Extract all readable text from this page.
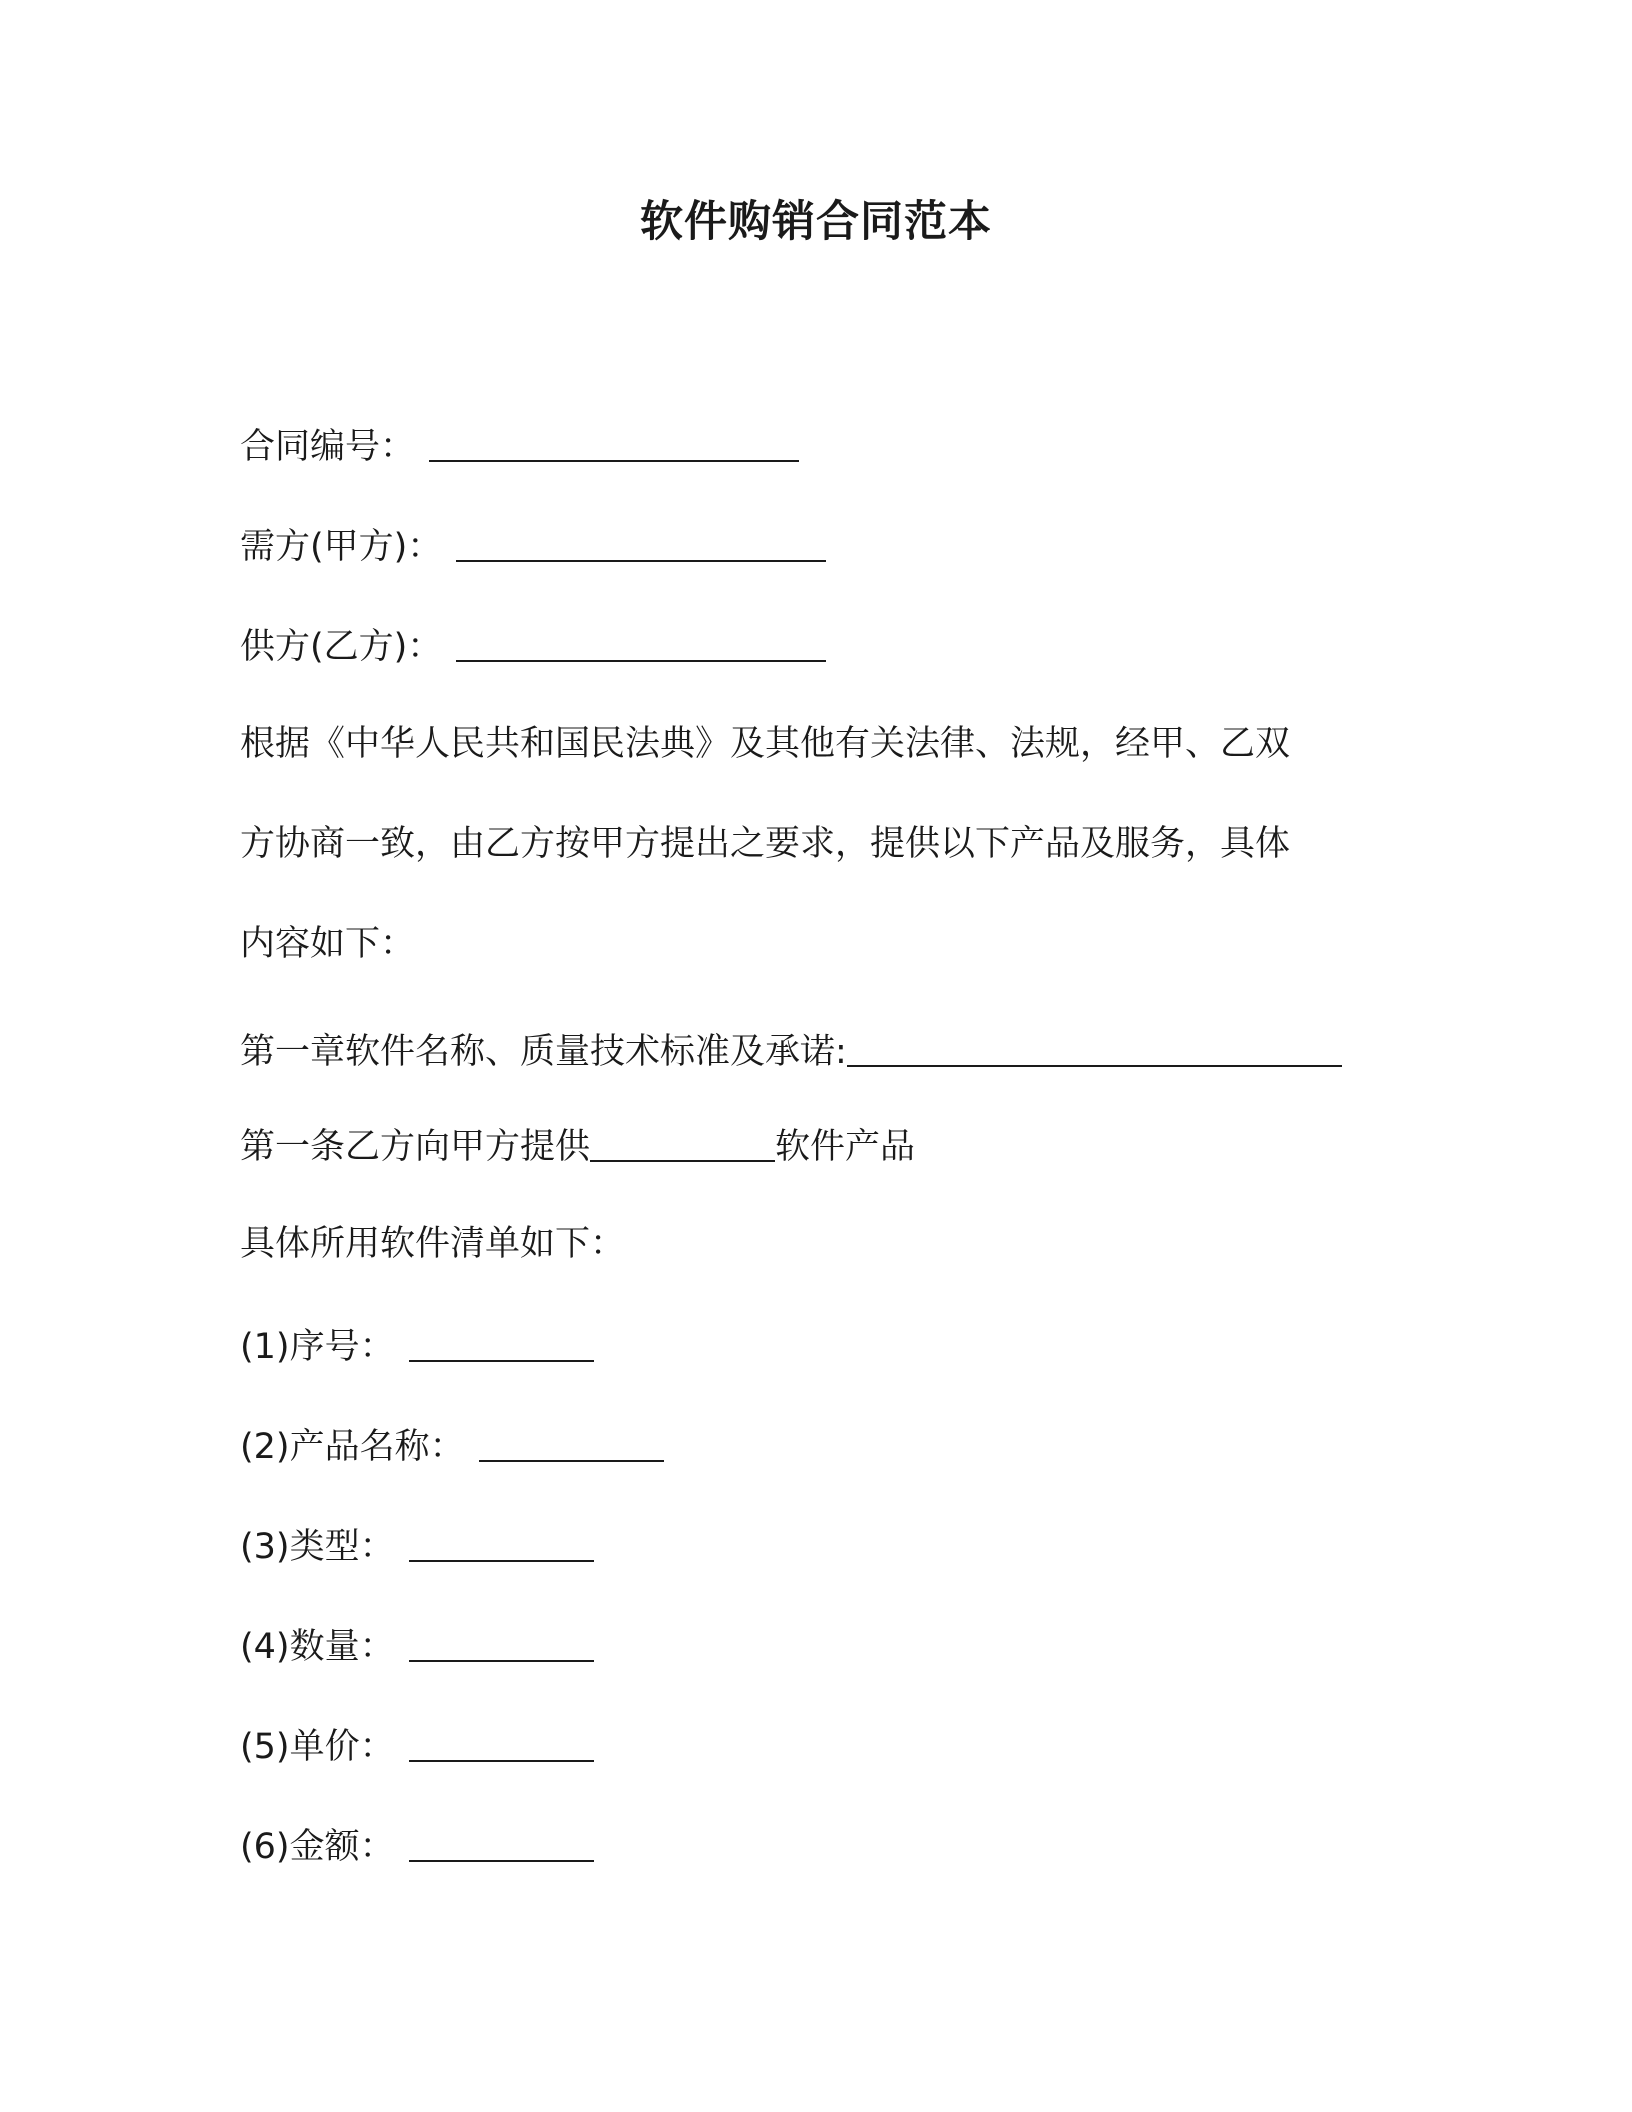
软件购销合同范本
合同编号：
需方(甲方)：
供方(乙方)：
根据《中华人民共和国民法典》及其他有关法律、法规，经甲、乙双
方协商一致，由乙方按甲方提出之要求，提供以下产品及服务，具体
内容如下：
第一章软件名称、质量技术标准及承诺:
第一条乙方向甲方提供	软件产品
具体所用软件清单如下：
(1)序号：
(2)产品名称：
(3)类型：
(4)数量：
(5)单价：
(6)金额：
